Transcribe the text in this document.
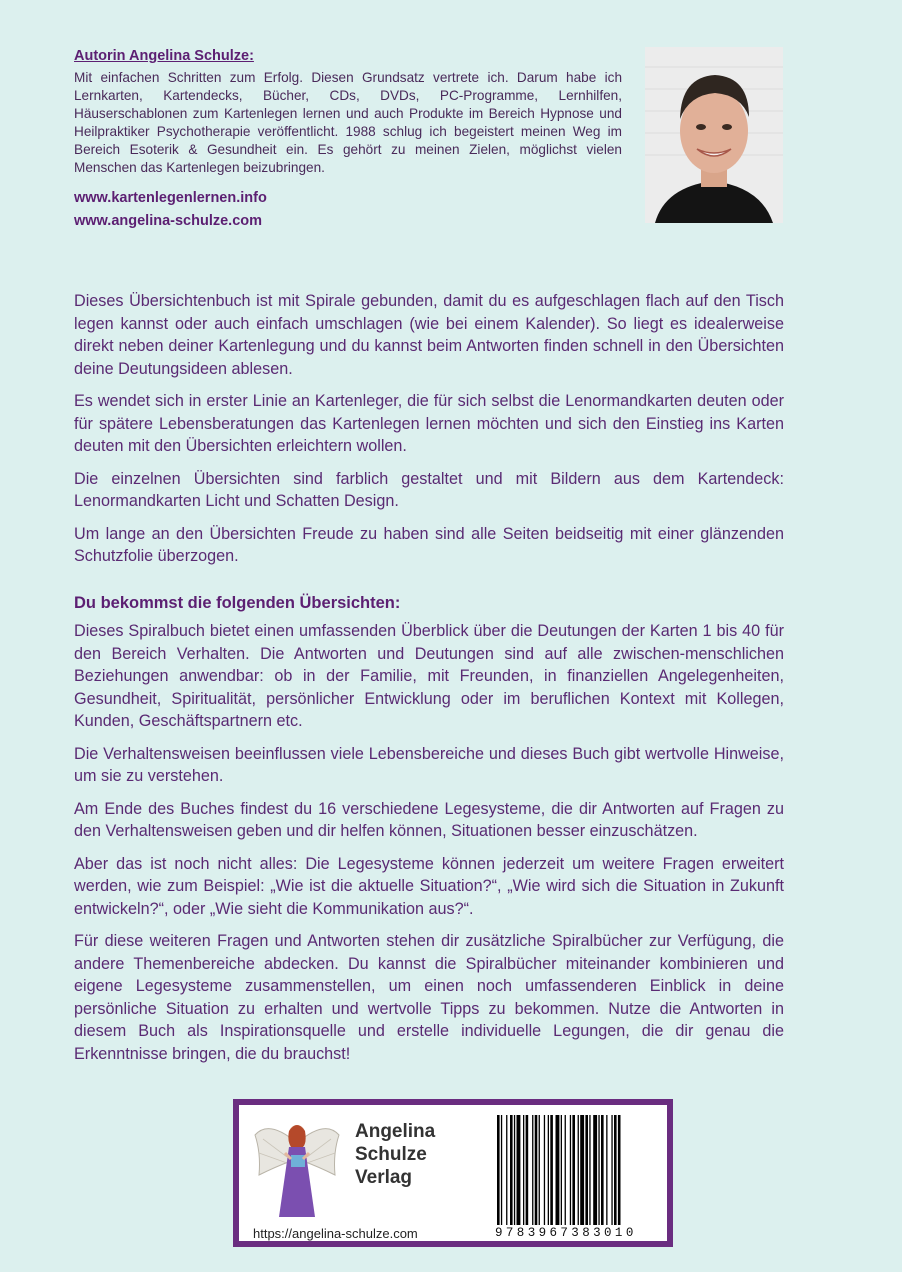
Autorin Angelina Schulze:

Mit einfachen Schritten zum Erfolg. Diesen Grundsatz vertrete ich. Darum habe ich Lernkarten, Kartendecks, Bücher, CDs, DVDs, PC-Programme, Lernhilfen, Häuserschablonen zum Kartenlegen lernen und auch Produkte im Bereich Hypnose und Heilpraktiker Psychotherapie veröffentlicht. 1988 schlug ich begeistert meinen Weg im Bereich Esoterik & Gesundheit ein. Es gehört zu meinen Zielen, möglichst vielen Menschen das Kartenlegen beizubringen.

www.kartenlegenlernen.info
www.angelina-schulze.com

Dieses Übersichtenbuch ist mit Spirale gebunden, damit du es aufgeschlagen flach auf den Tisch legen kannst oder auch einfach umschlagen (wie bei einem Kalender). So liegt es idealerweise direkt neben deiner Kartenlegung und du kannst beim Antworten finden schnell in den Übersichten deine Deutungsideen ablesen.

Es wendet sich in erster Linie an Kartenleger, die für sich selbst die Lenormandkarten deuten oder für spätere Lebensberatungen das Kartenlegen lernen möchten und sich den Einstieg ins Karten deuten mit den Übersichten erleichtern wollen.

Die einzelnen Übersichten sind farblich gestaltet und mit Bildern aus dem Kartendeck: Lenormandkarten Licht und Schatten Design.

Um lange an den Übersichten Freude zu haben sind alle Seiten beidseitig mit einer glänzenden Schutzfolie überzogen.

Du bekommst die folgenden Übersichten:

Dieses Spiralbuch bietet einen umfassenden Überblick über die Deutungen der Karten 1 bis 40 für den Bereich Verhalten. Die Antworten und Deutungen sind auf alle zwischen-menschlichen Beziehungen anwendbar: ob in der Familie, mit Freunden, in finanziellen Angelegenheiten, Gesundheit, Spiritualität, persönlicher Entwicklung oder im beruflichen Kontext mit Kollegen, Kunden, Geschäftspartnern etc.

Die Verhaltensweisen beeinflussen viele Lebensbereiche und dieses Buch gibt wertvolle Hinweise, um sie zu verstehen.

Am Ende des Buches findest du 16 verschiedene Legesysteme, die dir Antworten auf Fragen zu den Verhaltensweisen geben und dir helfen können, Situationen besser einzuschätzen.

Aber das ist noch nicht alles: Die Legesysteme können jederzeit um weitere Fragen erweitert werden, wie zum Beispiel: „Wie ist die aktuelle Situation?“, „Wie wird sich die Situation in Zukunft entwickeln?“, oder „Wie sieht die Kommunikation aus?“.

Für diese weiteren Fragen und Antworten stehen dir zusätzliche Spiralbücher zur Verfügung, die andere Themenbereiche abdecken. Du kannst die Spiralbücher miteinander kombinieren und eigene Legesysteme zusammenstellen, um einen noch umfassenderen Einblick in deine persönliche Situation zu erhalten und wertvolle Tipps zu bekommen. Nutze die Antworten in diesem Buch als Inspirationsquelle und erstelle individuelle Legungen, die dir genau die Erkenntnisse bringen, die du brauchst!

Angelina
Schulze
Verlag

https://angelina-schulze.com	9783967383010
